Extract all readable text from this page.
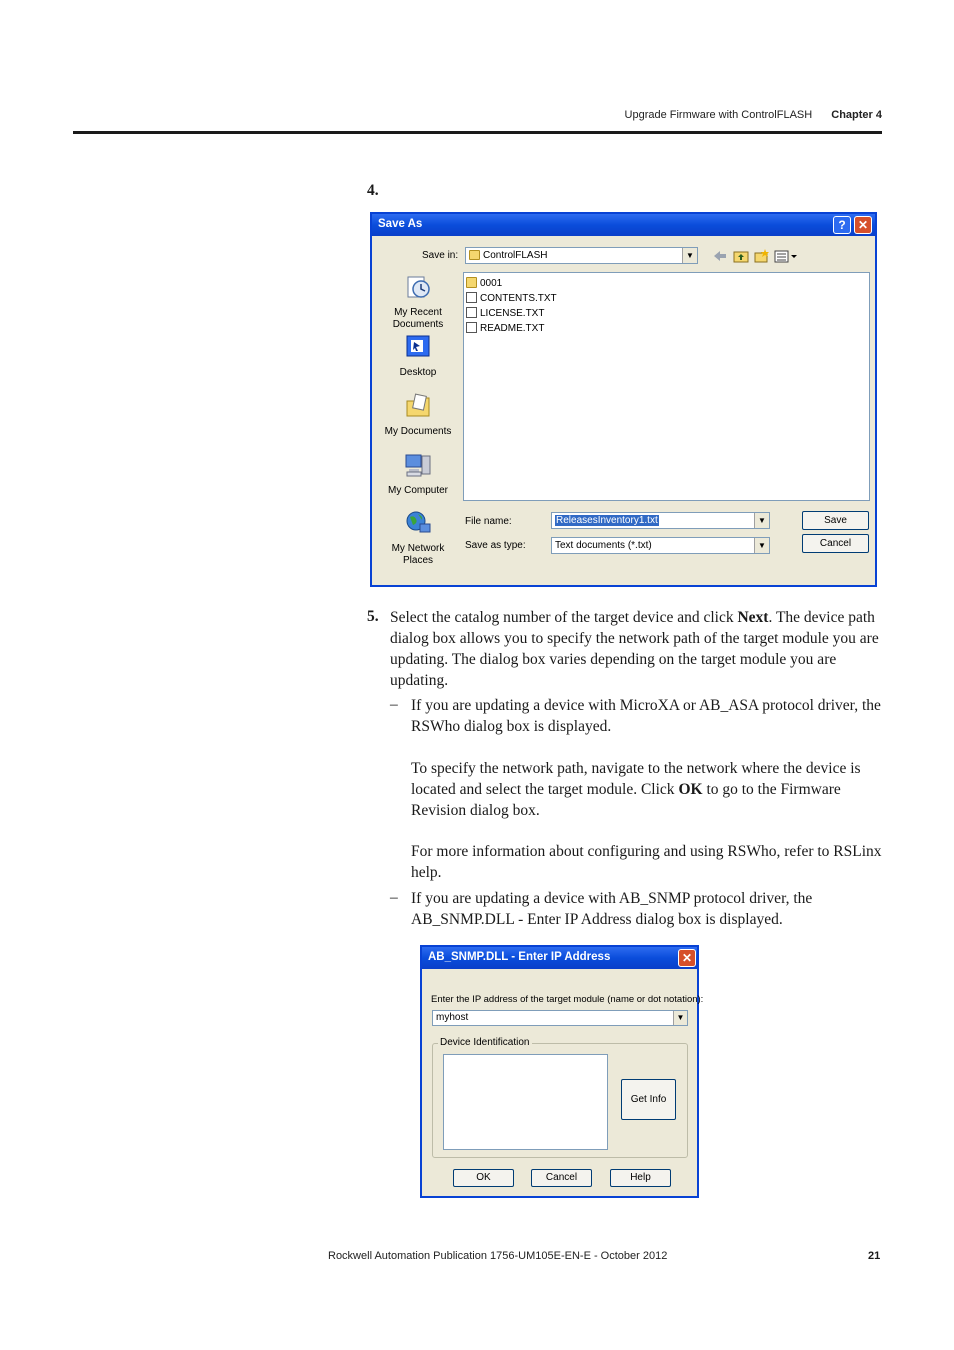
Upgrade Firmware with ControlFLASH Chapter 4
4.
Save As	?	✕
Save in:	ControlFLASH	▼
My Recent Documents
Desktop
My Documents
My Computer
My Network Places
0001
CONTENTS.TXT
LICENSE.TXT
README.TXT
File name:	ReleasesInventory1.txt	▼
Save as type:	Text documents (*.txt)	▼
Save
Cancel
5. Select the catalog number of the target device and click Next. The device path dialog box allows you to specify the network path of the target module you are updating. The dialog box varies depending on the target module you are updating.
– If you are updating a device with MicroXA or AB_ASA protocol driver, the RSWho dialog box is displayed.
To specify the network path, navigate to the network where the device is located and select the target module. Click OK to go to the Firmware Revision dialog box.
For more information about configuring and using RSWho, refer to RSLinx help.
– If you are updating a device with AB_SNMP protocol driver, the AB_SNMP.DLL - Enter IP Address dialog box is displayed.
AB_SNMP.DLL - Enter IP Address	✕
Enter the IP address of the target module (name or dot notation):
myhost	▼
Device Identification
Get Info
OK	Cancel	Help
Rockwell Automation Publication 1756-UM105E-EN-E - October 2012	21
